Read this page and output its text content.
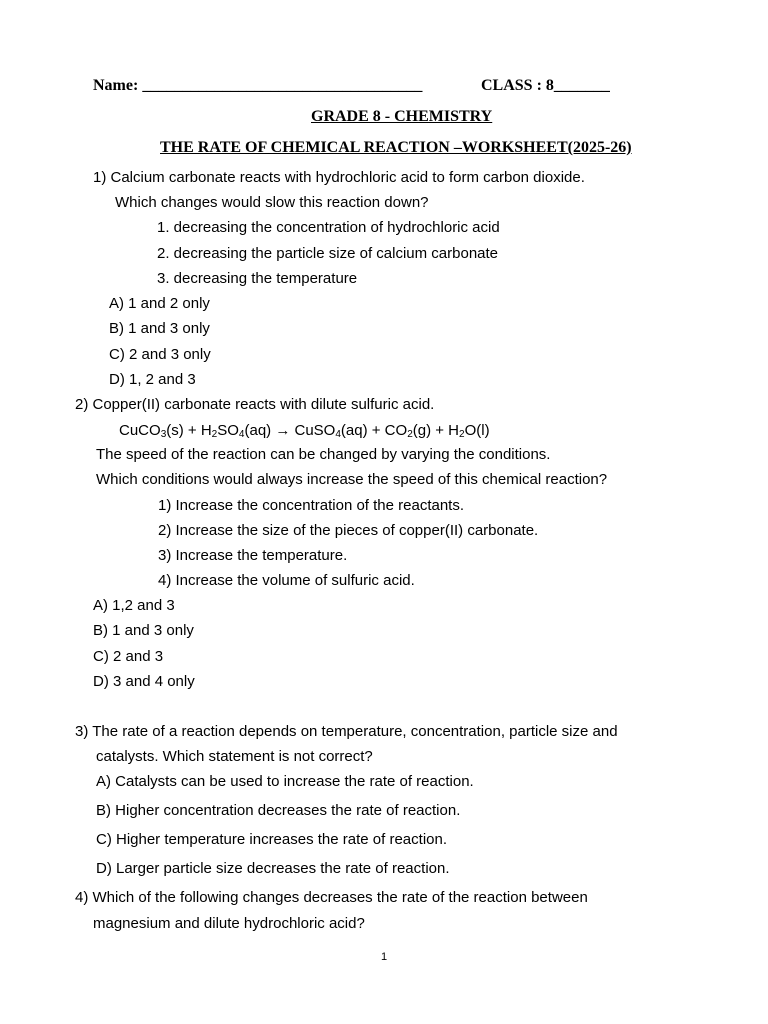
Name: ___________________________________	CLASS : 8_______
GRADE 8 - CHEMISTRY
THE RATE OF CHEMICAL REACTION –WORKSHEET(2025-26)
1) Calcium carbonate reacts with hydrochloric acid to form carbon dioxide.
Which changes would slow this reaction down?
1. decreasing the concentration of hydrochloric acid
2. decreasing the particle size of calcium carbonate
3. decreasing the temperature
A) 1 and 2 only
B) 1 and 3 only
C) 2 and 3 only
D) 1, 2 and 3
2) Copper(II) carbonate reacts with dilute sulfuric acid.
CuCO$_3$(s) + $H_2SO_4(aq)$ → CuSO$_4$(aq) + $CO_2(g) + H_2O(l)$
The speed of the reaction can be changed by varying the conditions.
Which conditions would always increase the speed of this chemical reaction?
1) Increase the concentration of the reactants.
2) Increase the size of the pieces of copper(II) carbonate.
3) Increase the temperature.
4) Increase the volume of sulfuric acid.
A) 1,2 and 3
B) 1 and 3 only
C) 2 and 3
D) 3 and 4 only
3) The rate of a reaction depends on temperature, concentration, particle size and
catalysts. Which statement is not correct?
A) Catalysts can be used to increase the rate of reaction.
B) Higher concentration decreases the rate of reaction.
C) Higher temperature increases the rate of reaction.
D) Larger particle size decreases the rate of reaction.
4) Which of the following changes decreases the rate of the reaction between
magnesium and dilute hydrochloric acid?
1
